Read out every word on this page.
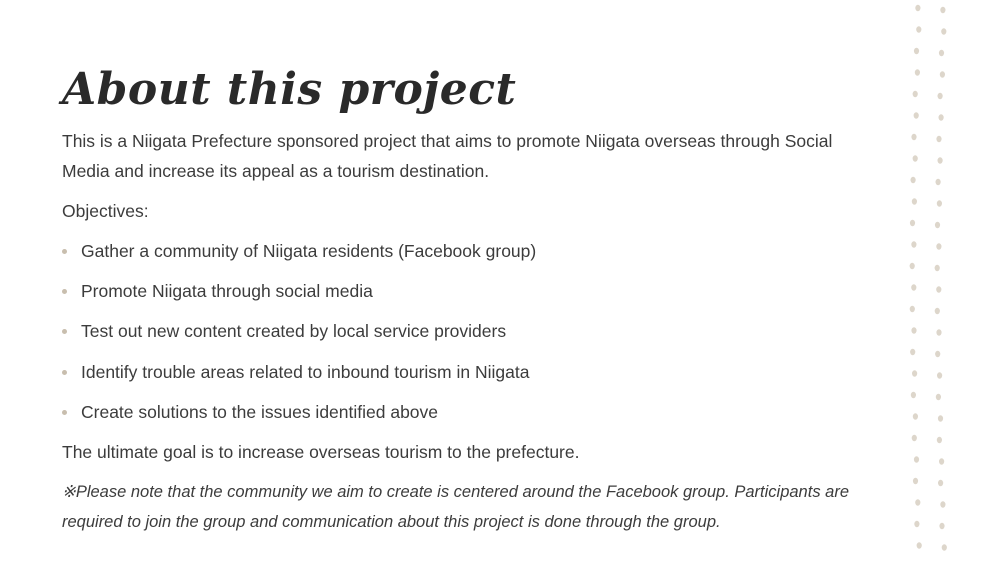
About this project

This is a Niigata Prefecture sponsored project that aims to promote Niigata overseas through Social Media and increase its appeal as a tourism destination.

Objectives:

Gather a community of Niigata residents (Facebook group)
Promote Niigata through social media
Test out new content created by local service providers
Identify trouble areas related to inbound tourism in Niigata
Create solutions to the issues identified above

The ultimate goal is to increase overseas tourism to the prefecture.

※Please note that the community we aim to create is centered around the Facebook group. Participants are required to join the group and communication about this project is done through the group.
